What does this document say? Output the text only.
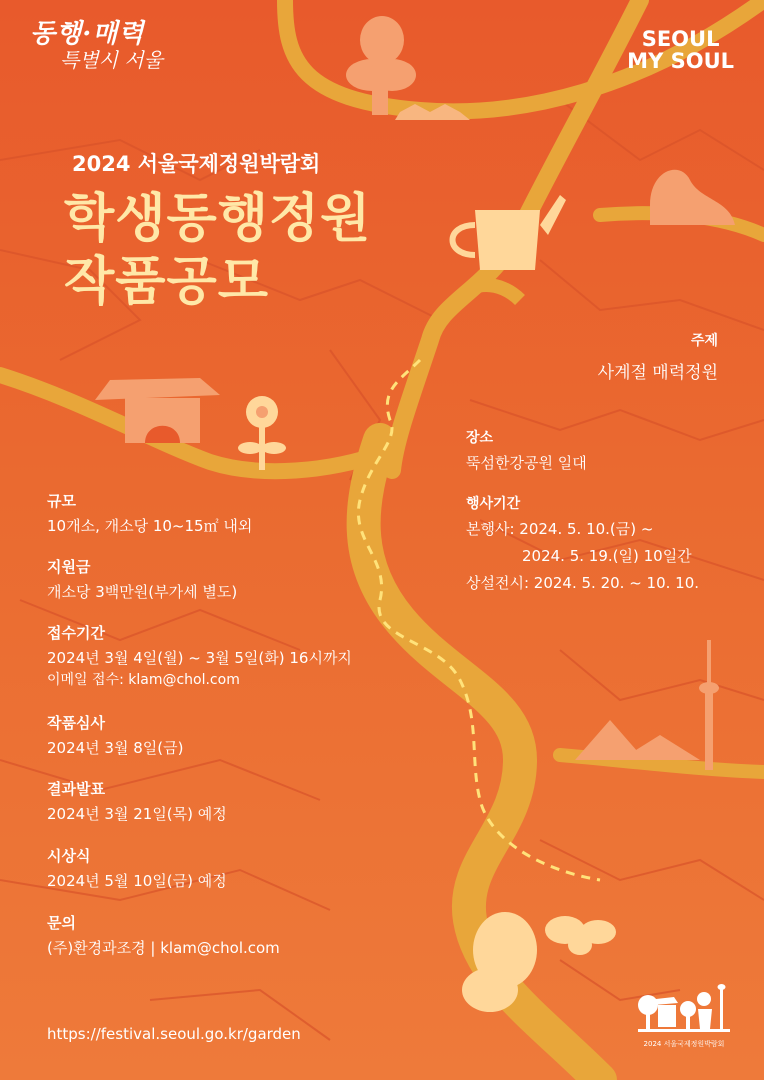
동행·매력
특별시 서울
SEOUL
MY SOUL
2024 서울국제정원박람회
학생동행정원
작품공모
주제
사계절 매력정원
장소
뚝섬한강공원 일대
행사기간
본행사: 2024. 5. 10.(금) ~
2024. 5. 19.(일) 10일간
상설전시: 2024. 5. 20. ~ 10. 10.
규모
10개소, 개소당 10~15㎡ 내외
지원금
개소당 3백만원(부가세 별도)
접수기간
2024년 3월 4일(월) ~ 3월 5일(화) 16시까지
이메일 접수: klam@chol.com
작품심사
2024년 3월 8일(금)
결과발표
2024년 3월 21일(목) 예정
시상식
2024년 5월 10일(금) 예정
문의
(주)환경과조경 | klam@chol.com
https://festival.seoul.go.kr/garden
2024 서울국제정원박람회
